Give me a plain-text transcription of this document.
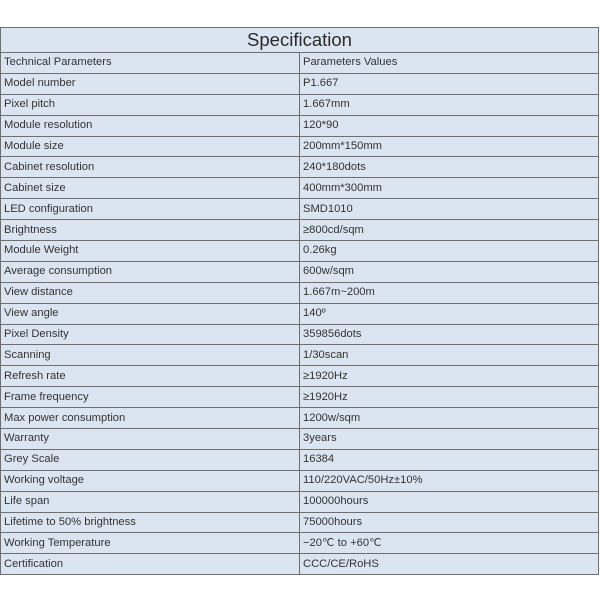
Specification	
Technical Parameters	Parameters Values
Model number	P1.667
Pixel pitch	1.667mm
Module resolution	120*90
Module size	200mm*150mm
Cabinet resolution	240*180dots
Cabinet size	400mm*300mm
LED configuration	SMD1010
Brightness	≥800cd/sqm
Module Weight	0.26kg
Average consumption	600w/sqm
View distance	1.667m~200m
View angle	140º
Pixel Density	359856dots
Scanning	1/30scan
Refresh rate	≥1920Hz
Frame frequency	≥1920Hz
Max power consumption	1200w/sqm
Warranty	3years
Grey Scale	16384
Working voltage	110/220VAC/50Hz±10%
Life span	100000hours
Lifetime to 50% brightness	75000hours
Working Temperature	−20℃ to +60℃
Certification	CCC/CE/RoHS
